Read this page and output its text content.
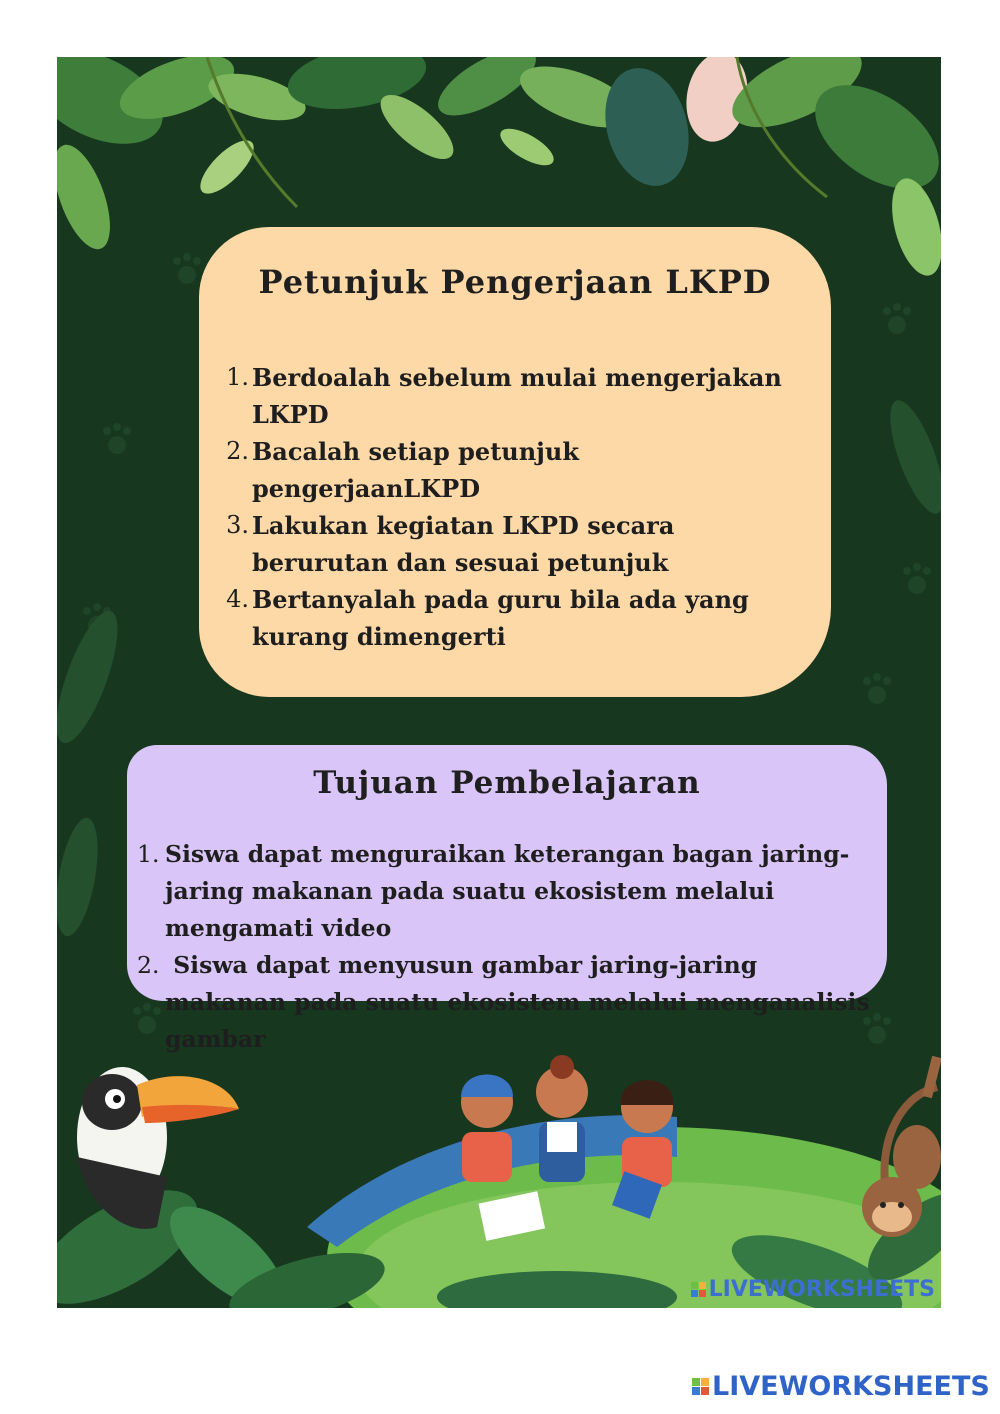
Petunjuk Pengerjaan LKPD
1. Berdoalah sebelum mulai mengerjakan LKPD
2. Bacalah setiap petunjuk pengerjaanLKPD
3. Lakukan kegiatan LKPD secara berurutan dan sesuai petunjuk
4. Bertanyalah pada guru bila ada yang kurang dimengerti
Tujuan Pembelajaran
1. Siswa dapat menguraikan keterangan bagan jaring-jaring makanan pada suatu ekosistem melalui mengamati video
2. Siswa dapat menyusun gambar jaring-jaring makanan pada suatu ekosistem melalui menganalisis gambar
LIVEWORKSHEETS
LIVEWORKSHEETS
